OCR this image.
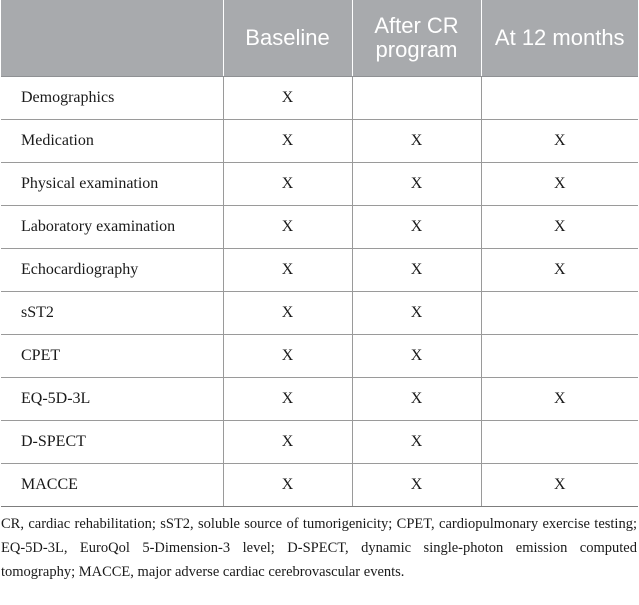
	Baseline	After CR program	At 12 months
Demographics	X		
Medication	X	X	X
Physical examination	X	X	X
Laboratory examination	X	X	X
Echocardiography	X	X	X
sST2	X	X	
CPET	X	X	
EQ-5D-3L	X	X	X
D-SPECT	X	X	
MACCE	X	X	X

CR, cardiac rehabilitation; sST2, soluble source of tumorigenicity; CPET, cardiopulmonary exercise testing; EQ-5D-3L, EuroQol 5-Dimension-3 level; D-SPECT, dynamic single-photon emission computed tomography; MACCE, major adverse cardiac cerebrovascular events.
